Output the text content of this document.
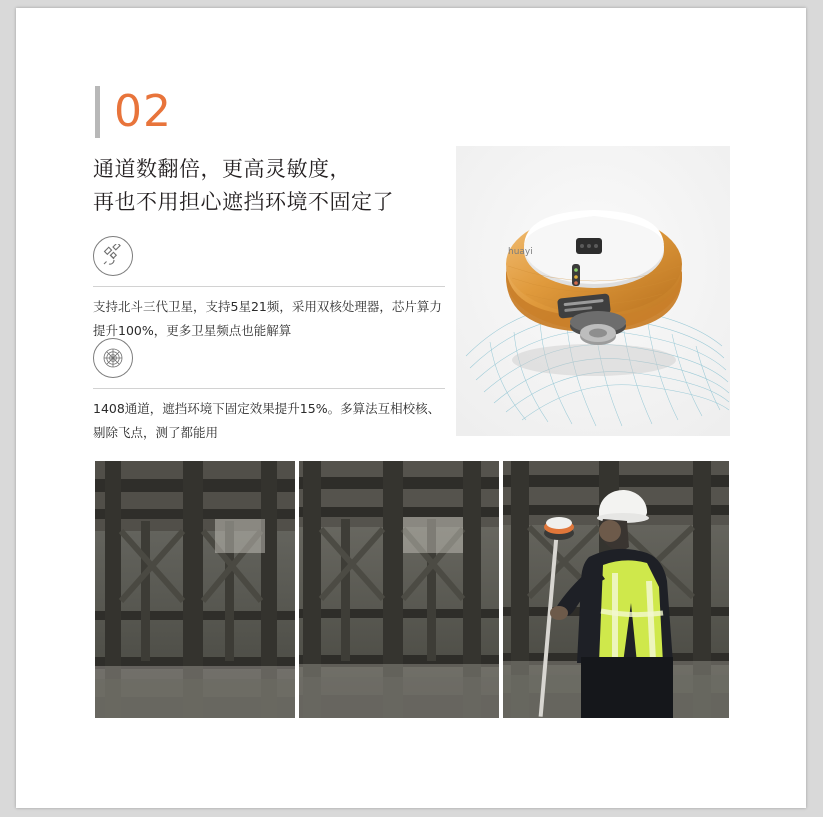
02
通道数翻倍，更高灵敏度，
再也不用担心遮挡环境不固定了
支持北斗三代卫星，支持5星21频，采用双核处理器，芯片算力
提升100%，更多卫星频点也能解算
1408通道，遮挡环境下固定效果提升15%。多算法互相校核、
剔除飞点，测了都能用
huayi
